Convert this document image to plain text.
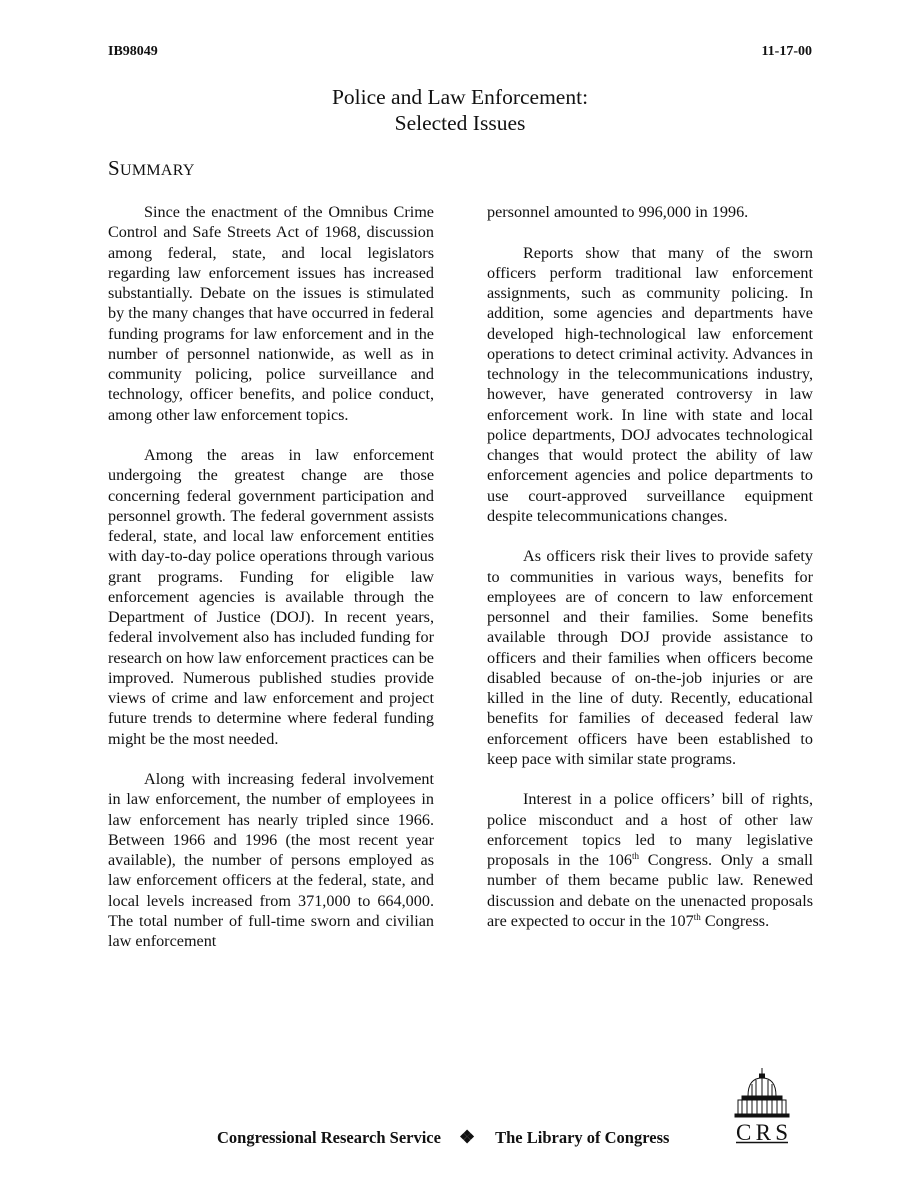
IB98049	11-17-00
Police and Law Enforcement:
Selected Issues
SUMMARY

Since the enactment of the Omnibus Crime Control and Safe Streets Act of 1968, discussion among federal, state, and local legislators regarding law enforcement issues has increased substantially. Debate on the issues is stimulated by the many changes that have occurred in federal funding programs for law enforcement and in the number of personnel nationwide, as well as in community policing, police surveillance and technology, officer benefits, and police conduct, among other law enforcement topics.

Among the areas in law enforcement undergoing the greatest change are those concerning federal government participation and personnel growth. The federal government assists federal, state, and local law enforcement entities with day-to-day police operations through various grant programs. Funding for eligible law enforcement agencies is available through the Department of Justice (DOJ). In recent years, federal involvement also has included funding for research on how law enforcement practices can be improved. Numerous published studies provide views of crime and law enforcement and project future trends to determine where federal funding might be the most needed.

Along with increasing federal involvement in law enforcement, the number of employees in law enforcement has nearly tripled since 1966. Between 1966 and 1996 (the most recent year available), the number of persons employed as law enforcement officers at the federal, state, and local levels increased from 371,000 to 664,000. The total number of full-time sworn and civilian law enforcement

personnel amounted to 996,000 in 1996.

Reports show that many of the sworn officers perform traditional law enforcement assignments, such as community policing. In addition, some agencies and departments have developed high-technological law enforcement operations to detect criminal activity. Advances in technology in the telecommunications industry, however, have generated controversy in law enforcement work. In line with state and local police departments, DOJ advocates technological changes that would protect the ability of law enforcement agencies and police departments to use court-approved surveillance equipment despite telecommunications changes.

As officers risk their lives to provide safety to communities in various ways, benefits for employees are of concern to law enforcement personnel and their families. Some benefits available through DOJ provide assistance to officers and their families when officers become disabled because of on-the-job injuries or are killed in the line of duty. Recently, educational benefits for families of deceased federal law enforcement officers have been established to keep pace with similar state programs.

Interest in a police officers’ bill of rights, police misconduct and a host of other law enforcement topics led to many legislative proposals in the 106th Congress. Only a small number of them became public law. Renewed discussion and debate on the unenacted proposals are expected to occur in the 107th Congress.

Congressional Research Service ❖ The Library of Congress	CRS
